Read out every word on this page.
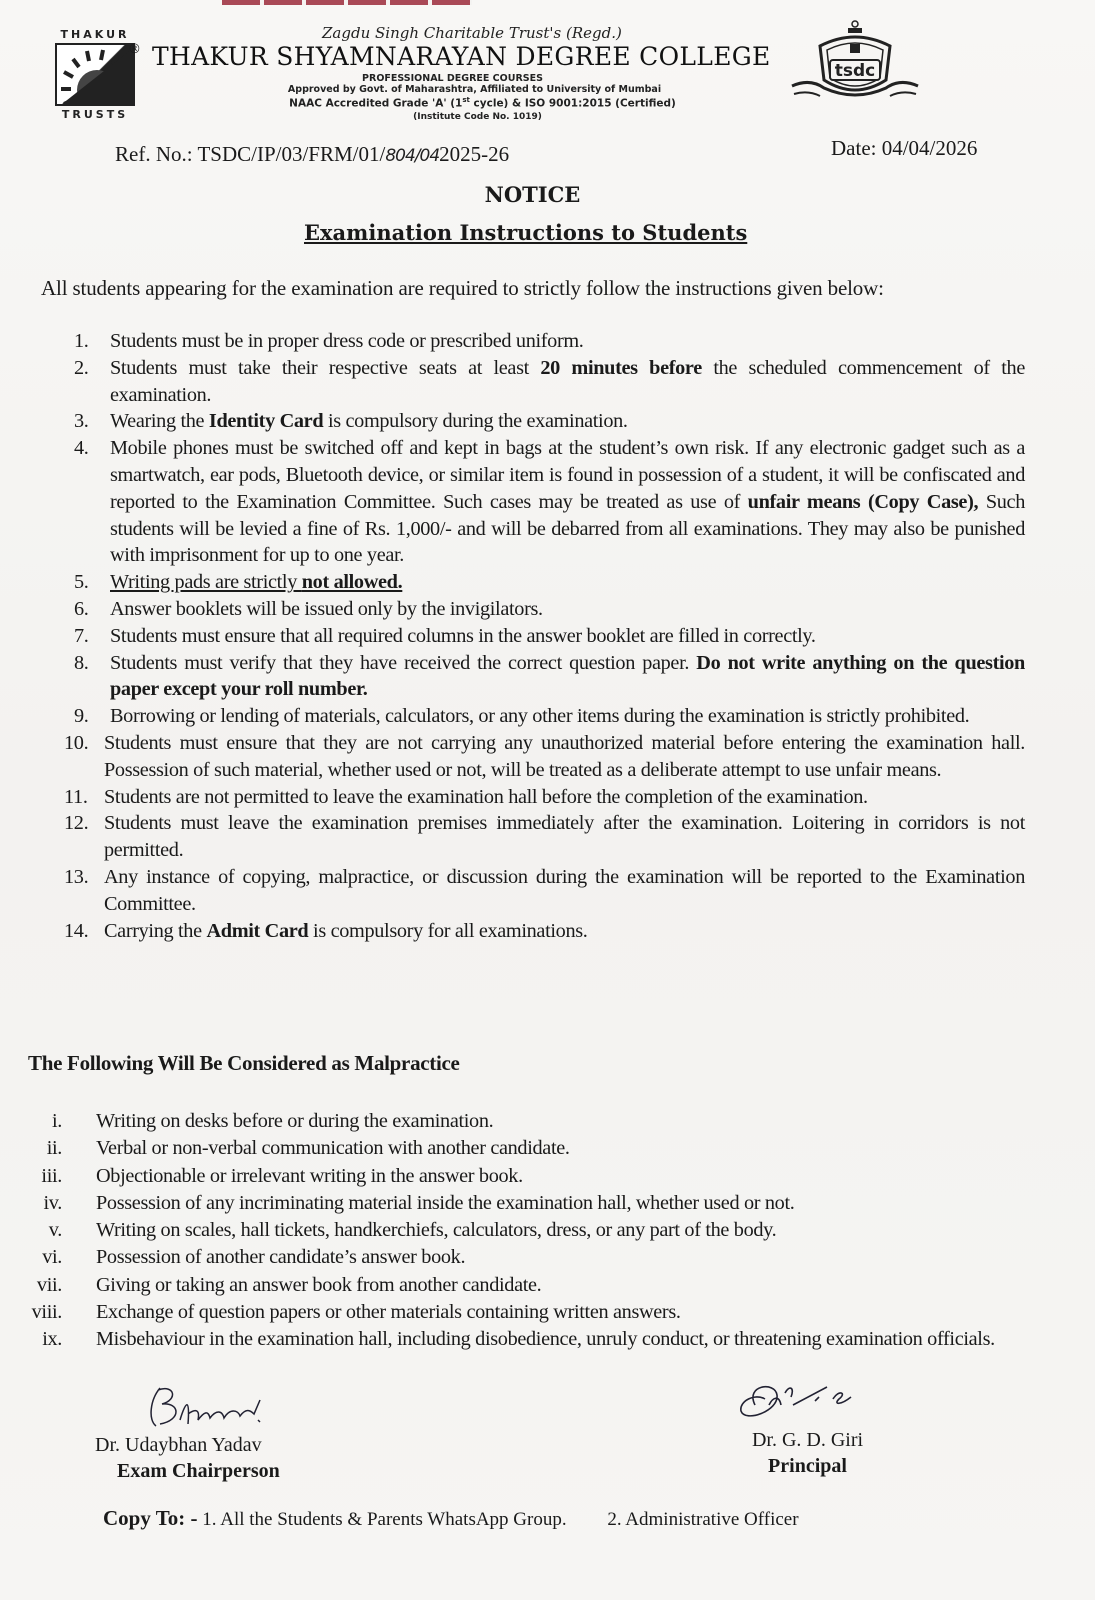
THAKUR
TRUSTS
®
Zagdu Singh Charitable Trust's (Regd.)
THAKUR SHYAMNARAYAN DEGREE COLLEGE
PROFESSIONAL DEGREE COURSES
Approved by Govt. of Maharashtra, Affiliated to University of Mumbai
NAAC Accredited Grade 'A' (1st cycle) & ISO 9001:2015 (Certified)
(Institute Code No. 1019)
tsdc
Ref. No.: TSDC/IP/03/FRM/01/804/042025-26	Date: 04/04/2026
NOTICE
Examination Instructions to Students
All students appearing for the examination are required to strictly follow the instructions given below:
1. Students must be in proper dress code or prescribed uniform.
2. Students must take their respective seats at least 20 minutes before the scheduled commencement of the examination.
3. Wearing the Identity Card is compulsory during the examination.
4. Mobile phones must be switched off and kept in bags at the student’s own risk. If any electronic gadget such as a smartwatch, ear pods, Bluetooth device, or similar item is found in possession of a student, it will be confiscated and reported to the Examination Committee. Such cases may be treated as use of unfair means (Copy Case), Such students will be levied a fine of Rs. 1,000/- and will be debarred from all examinations. They may also be punished with imprisonment for up to one year.
5. Writing pads are strictly not allowed.
6. Answer booklets will be issued only by the invigilators.
7. Students must ensure that all required columns in the answer booklet are filled in correctly.
8. Students must verify that they have received the correct question paper. Do not write anything on the question paper except your roll number.
9. Borrowing or lending of materials, calculators, or any other items during the examination is strictly prohibited.
10. Students must ensure that they are not carrying any unauthorized material before entering the examination hall. Possession of such material, whether used or not, will be treated as a deliberate attempt to use unfair means.
11. Students are not permitted to leave the examination hall before the completion of the examination.
12. Students must leave the examination premises immediately after the examination. Loitering in corridors is not permitted.
13. Any instance of copying, malpractice, or discussion during the examination will be reported to the Examination Committee.
14. Carrying the Admit Card is compulsory for all examinations.
The Following Will Be Considered as Malpractice
i. Writing on desks before or during the examination.
ii. Verbal or non-verbal communication with another candidate.
iii. Objectionable or irrelevant writing in the answer book.
iv. Possession of any incriminating material inside the examination hall, whether used or not.
v. Writing on scales, hall tickets, handkerchiefs, calculators, dress, or any part of the body.
vi. Possession of another candidate’s answer book.
vii. Giving or taking an answer book from another candidate.
viii. Exchange of question papers or other materials containing written answers.
ix. Misbehaviour in the examination hall, including disobedience, unruly conduct, or threatening examination officials.
Dr. Udaybhan Yadav
Exam Chairperson
Dr. G. D. Giri
Principal
Copy To: - 1. All the Students & Parents WhatsApp Group. 2. Administrative Officer
